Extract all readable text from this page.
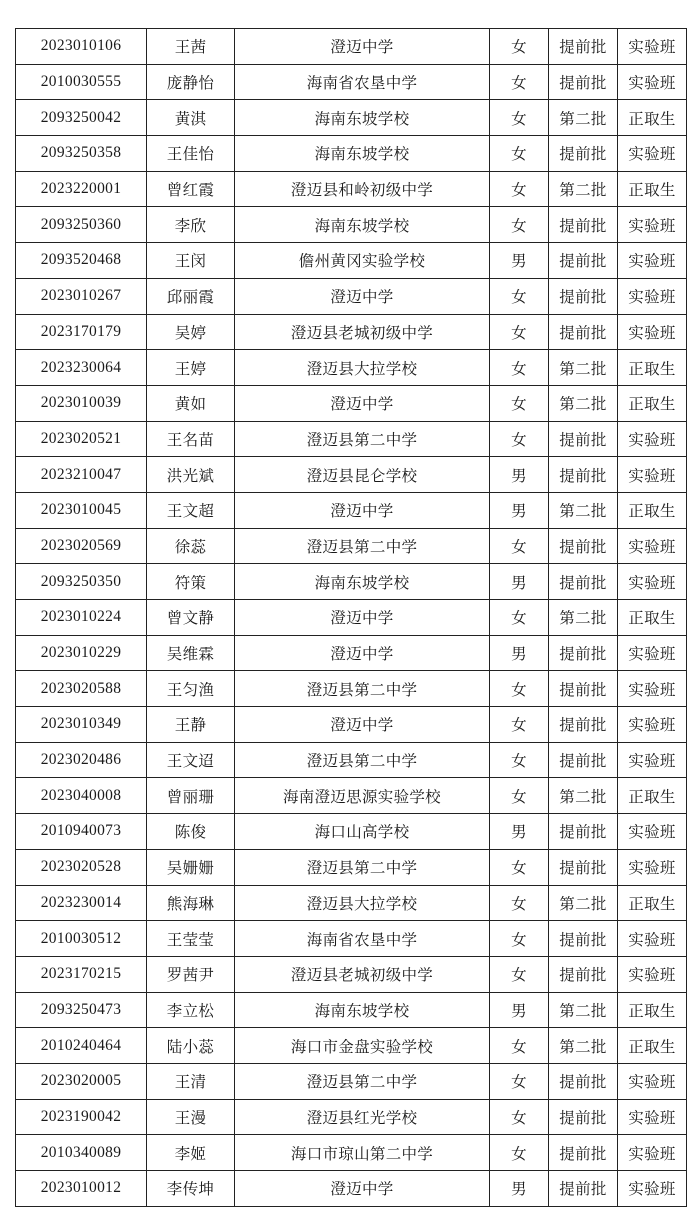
2023010106	王茜	澄迈中学	女	提前批	实验班
2010030555	庞静怡	海南省农垦中学	女	提前批	实验班
2093250042	黄淇	海南东坡学校	女	第二批	正取生
2093250358	王佳怡	海南东坡学校	女	提前批	实验班
2023220001	曾红霞	澄迈县和岭初级中学	女	第二批	正取生
2093250360	李欣	海南东坡学校	女	提前批	实验班
2093520468	王闵	儋州黄冈实验学校	男	提前批	实验班
2023010267	邱丽霞	澄迈中学	女	提前批	实验班
2023170179	吴婷	澄迈县老城初级中学	女	提前批	实验班
2023230064	王婷	澄迈县大拉学校	女	第二批	正取生
2023010039	黄如	澄迈中学	女	第二批	正取生
2023020521	王名苗	澄迈县第二中学	女	提前批	实验班
2023210047	洪光斌	澄迈县昆仑学校	男	提前批	实验班
2023010045	王文超	澄迈中学	男	第二批	正取生
2023020569	徐蕊	澄迈县第二中学	女	提前批	实验班
2093250350	符策	海南东坡学校	男	提前批	实验班
2023010224	曾文静	澄迈中学	女	第二批	正取生
2023010229	吴维霖	澄迈中学	男	提前批	实验班
2023020588	王匀渔	澄迈县第二中学	女	提前批	实验班
2023010349	王静	澄迈中学	女	提前批	实验班
2023020486	王文迢	澄迈县第二中学	女	提前批	实验班
2023040008	曾丽珊	海南澄迈思源实验学校	女	第二批	正取生
2010940073	陈俊	海口山高学校	男	提前批	实验班
2023020528	吴姗姗	澄迈县第二中学	女	提前批	实验班
2023230014	熊海琳	澄迈县大拉学校	女	第二批	正取生
2010030512	王莹莹	海南省农垦中学	女	提前批	实验班
2023170215	罗茜尹	澄迈县老城初级中学	女	提前批	实验班
2093250473	李立松	海南东坡学校	男	第二批	正取生
2010240464	陆小蕊	海口市金盘实验学校	女	第二批	正取生
2023020005	王清	澄迈县第二中学	女	提前批	实验班
2023190042	王漫	澄迈县红光学校	女	提前批	实验班
2010340089	李姬	海口市琼山第二中学	女	提前批	实验班
2023010012	李传坤	澄迈中学	男	提前批	实验班
